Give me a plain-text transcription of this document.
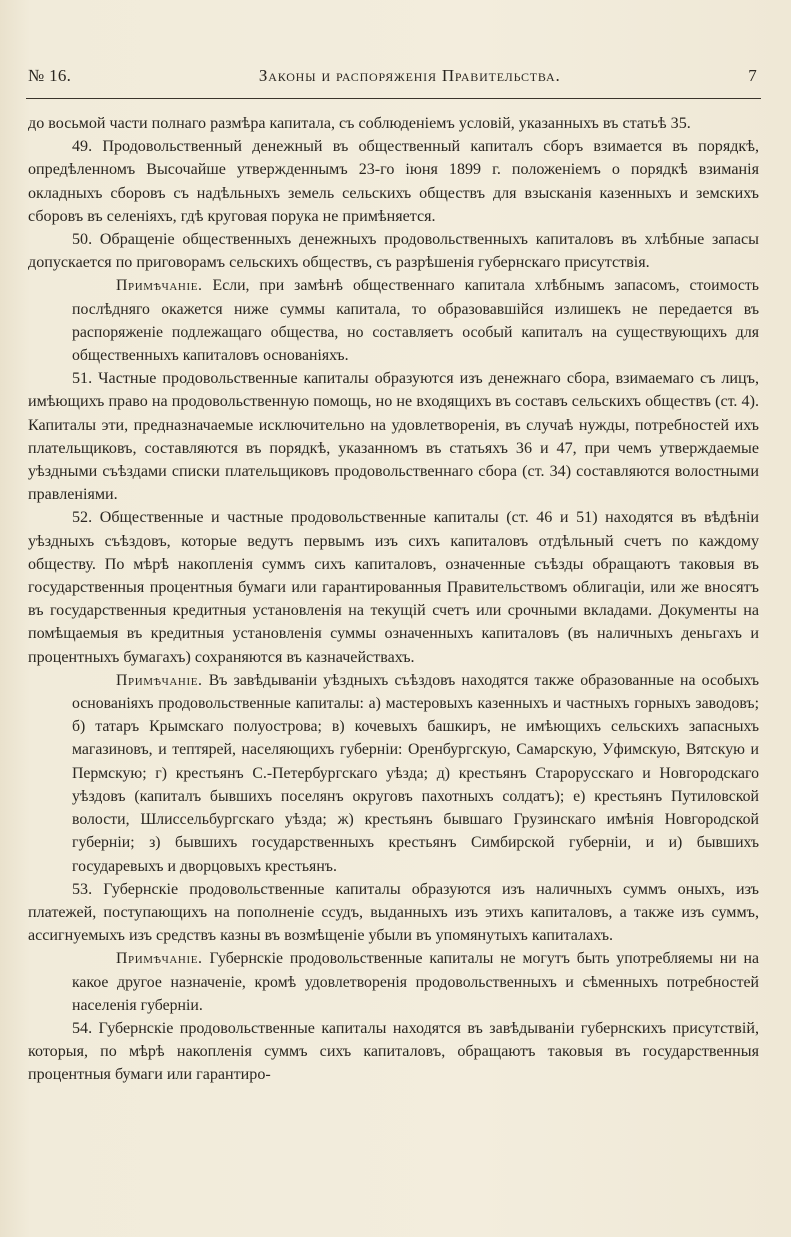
№ 16.	Законы и распоряженія Правительства.	7

до восьмой части полнаго размѣра капитала, съ соблюденіемъ условій, указанныхъ въ статьѣ 35.

49. Продовольственный денежный въ общественный капиталъ сборъ взимается въ порядкѣ, опредѣленномъ Высочайше утвержденнымъ 23-го іюня 1899 г. положеніемъ о порядкѣ взиманія окладныхъ сборовъ съ надѣльныхъ земель сельскихъ обществъ для взысканія казенныхъ и земскихъ сборовъ въ селеніяхъ, гдѣ круговая порука не примѣняется.

50. Обращеніе общественныхъ денежныхъ продовольственныхъ капиталовъ въ хлѣбные запасы допускается по приговорамъ сельскихъ обществъ, съ разрѣшенія губернскаго присутствія.

Примѣчаніе. Если, при замѣнѣ общественнаго капитала хлѣбнымъ запасомъ, стоимость послѣдняго окажется ниже суммы капитала, то образовавшійся излишекъ не передается въ распоряженіе подлежащаго общества, но составляетъ особый капиталъ на существующихъ для общественныхъ капиталовъ основаніяхъ.

51. Частные продовольственные капиталы образуются изъ денежнаго сбора, взимаемаго съ лицъ, имѣющихъ право на продовольственную помощь, но не входящихъ въ составъ сельскихъ обществъ (ст. 4). Капиталы эти, предназначаемые исключительно на удовлетворенія, въ случаѣ нужды, потребностей ихъ плательщиковъ, составляются въ порядкѣ, указанномъ въ статьяхъ 36 и 47, при чемъ утверждаемые уѣздными съѣздами списки плательщиковъ продовольственнаго сбора (ст. 34) составляются волостными правленіями.

52. Общественные и частные продовольственные капиталы (ст. 46 и 51) находятся въ вѣдѣніи уѣздныхъ съѣздовъ, которые ведутъ первымъ изъ сихъ капиталовъ отдѣльный счетъ по каждому обществу. По мѣрѣ накопленія суммъ сихъ капиталовъ, означенные съѣзды обращаютъ таковыя въ государственныя процентныя бумаги или гарантированныя Правительствомъ облигаціи, или же вносятъ въ государственныя кредитныя установленія на текущій счетъ или срочными вкладами. Документы на помѣщаемыя въ кредитныя установленія суммы означенныхъ капиталовъ (въ наличныхъ деньгахъ и процентныхъ бумагахъ) сохраняются въ казначействахъ.

Примѣчаніе. Въ завѣдываніи уѣздныхъ съѣздовъ находятся также образованные на особыхъ основаніяхъ продовольственные капиталы: а) мастеровыхъ казенныхъ и частныхъ горныхъ заводовъ; б) татаръ Крымскаго полуострова; в) кочевыхъ башкиръ, не имѣющихъ сельскихъ запасныхъ магазиновъ, и тептярей, населяющихъ губерніи: Оренбургскую, Самарскую, Уфимскую, Вятскую и Пермскую; г) крестьянъ С.-Петербургскаго уѣзда; д) крестьянъ Старорусскаго и Новгородскаго уѣздовъ (капиталъ бывшихъ поселянъ округовъ пахотныхъ солдатъ); е) крестьянъ Путиловской волости, Шлиссельбургскаго уѣзда; ж) крестьянъ бывшаго Грузинскаго имѣнія Новгородской губерніи; з) бывшихъ государственныхъ крестьянъ Симбирской губерніи, и и) бывшихъ государевыхъ и дворцовыхъ крестьянъ.

53. Губернскіе продовольственные капиталы образуются изъ наличныхъ суммъ оныхъ, изъ платежей, поступающихъ на пополненіе ссудъ, выданныхъ изъ этихъ капиталовъ, а также изъ суммъ, ассигнуемыхъ изъ средствъ казны въ возмѣщеніе убыли въ упомянутыхъ капиталахъ.

Примѣчаніе. Губернскіе продовольственные капиталы не могутъ быть употребляемы ни на какое другое назначеніе, кромѣ удовлетворенія продовольственныхъ и сѣменныхъ потребностей населенія губерніи.

54. Губернскіе продовольственные капиталы находятся въ завѣдываніи губернскихъ присутствій, которыя, по мѣрѣ накопленія суммъ сихъ капиталовъ, обращаютъ таковыя въ государственныя процентныя бумаги или гарантиро-
